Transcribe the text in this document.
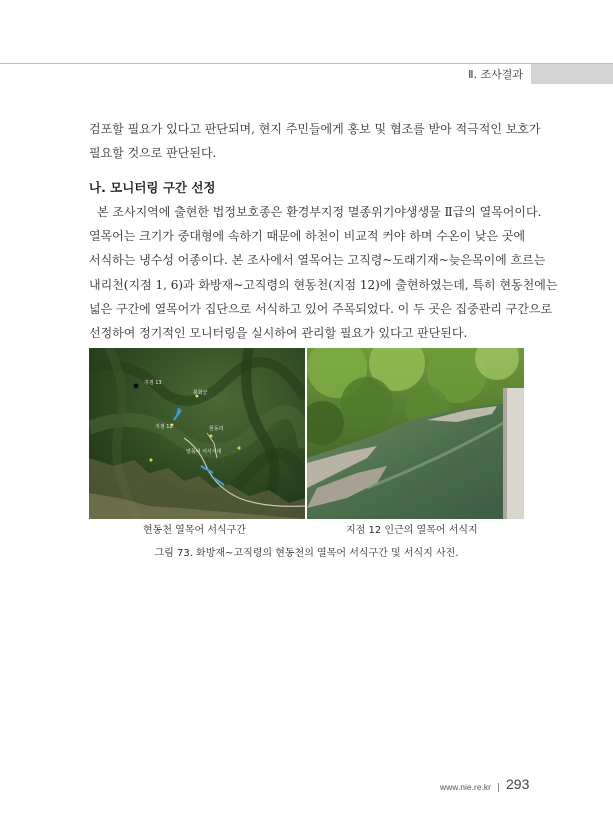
Ⅱ. 조사결과
검포할 필요가 있다고 판단되며, 현지 주민들에게 홍보 및 협조를 받아 적극적인 보호가
필요할 것으로 판단된다.
나. 모니터링 구간 선정
본 조사지역에 출현한 법정보호종은 환경부지정 멸종위기야생생물 Ⅱ급의 열목어이다.
열목어는 크기가 중대형에 속하기 때문에 하천이 비교적 커야 하며 수온이 낮은 곳에
서식하는 냉수성 어종이다. 본 조사에서 열목어는 고직령~도래기재~늦은목이에 흐르는
내리천(지점 1, 6)과 화방재~고직령의 현동천(지점 12)에 출현하였는데, 특히 현동천에는
넓은 구간에 열목어가 집단으로 서식하고 있어 주목되었다. 이 두 곳은 집중관리 구간으로
선정하여 정기적인 모니터링을 실시하여 관리할 필요가 있다고 판단된다.
지점 13
지점 12
열목어 서식지대
봉화군
현동리
현동천 열목어 서식구간	지점 12 인근의 열목어 서식지
그림 73. 화방재~고직령의 현동천의 열목어 서식구간 및 서식지 사진.
www.nie.re.kr 293
